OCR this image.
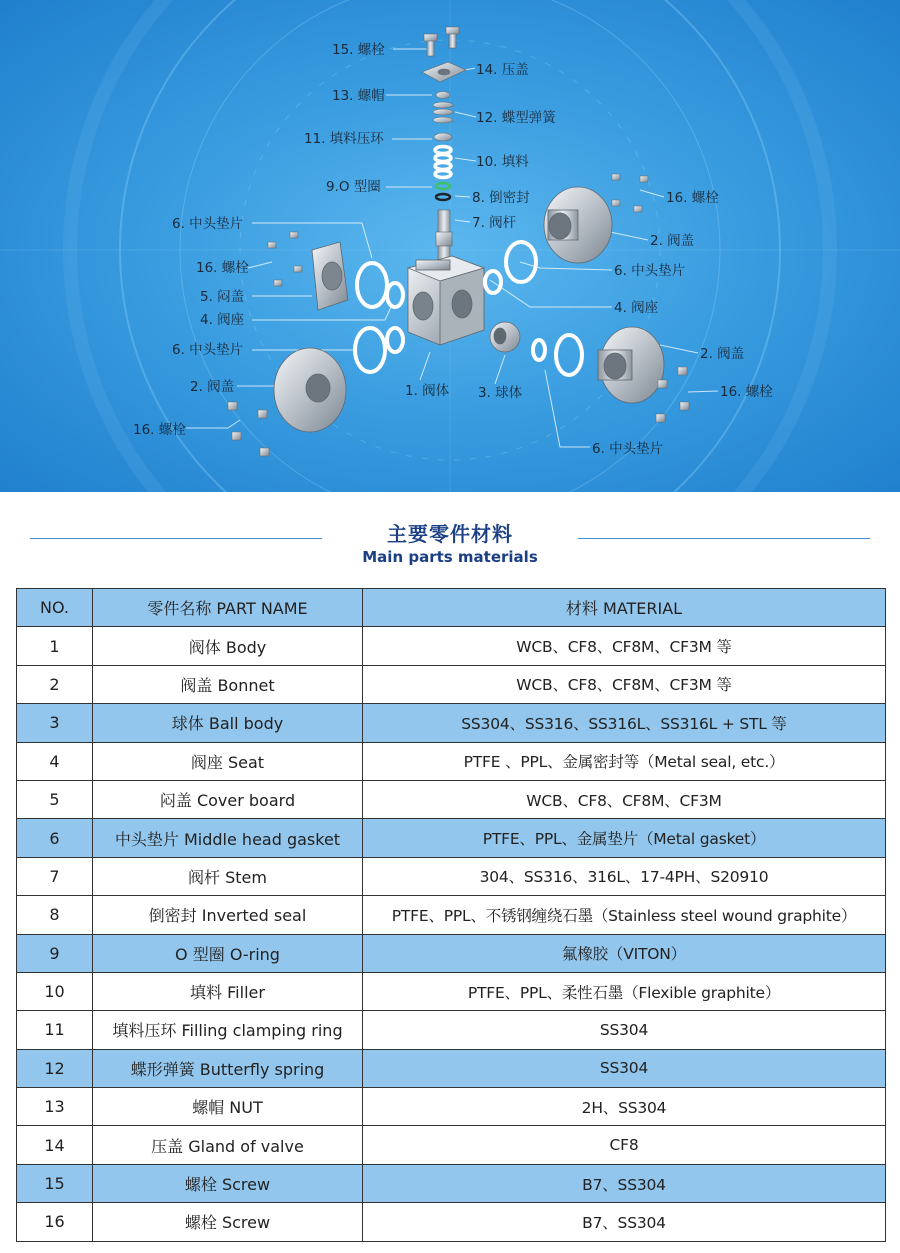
15. 螺栓
14. 压盖
13. 螺帽
12. 蝶型弹簧
11. 填料压环
10. 填料
9.O 型圈
8. 倒密封
7. 阀杆
6. 中头垫片
16. 螺栓
5. 闷盖
4. 阀座
6. 中头垫片
2. 阀盖
16. 螺栓
1. 阀体 3. 球体
16. 螺栓
2. 阀盖
6. 中头垫片
4. 阀座
2. 阀盖
16. 螺栓
6. 中头垫片
主要零件材料
Main parts materials
NO.	零件名称 PART NAME	材料 MATERIAL
1	阀体 Body	WCB、CF8、CF8M、CF3M 等
2	阀盖 Bonnet	WCB、CF8、CF8M、CF3M 等
3	球体 Ball body	SS304、SS316、SS316L、SS316L + STL 等
4	阀座 Seat	PTFE 、PPL、金属密封等（Metal seal, etc.）
5	闷盖 Cover board	WCB、CF8、CF8M、CF3M
6	中头垫片 Middle head gasket	PTFE、PPL、金属垫片（Metal gasket）
7	阀杆 Stem	304、SS316、316L、17-4PH、S20910
8	倒密封 Inverted seal	PTFE、PPL、不锈钢缠绕石墨（Stainless steel wound graphite）
9	O 型圈 O-ring	氟橡胶（VITON）
10	填料 Filler	PTFE、PPL、柔性石墨（Flexible graphite）
11	填料压环 Filling clamping ring	SS304
12	蝶形弹簧 Butterfly spring	SS304
13	螺帽 NUT	2H、SS304
14	压盖 Gland of valve	CF8
15	螺栓 Screw	B7、SS304
16	螺栓 Screw	B7、SS304
